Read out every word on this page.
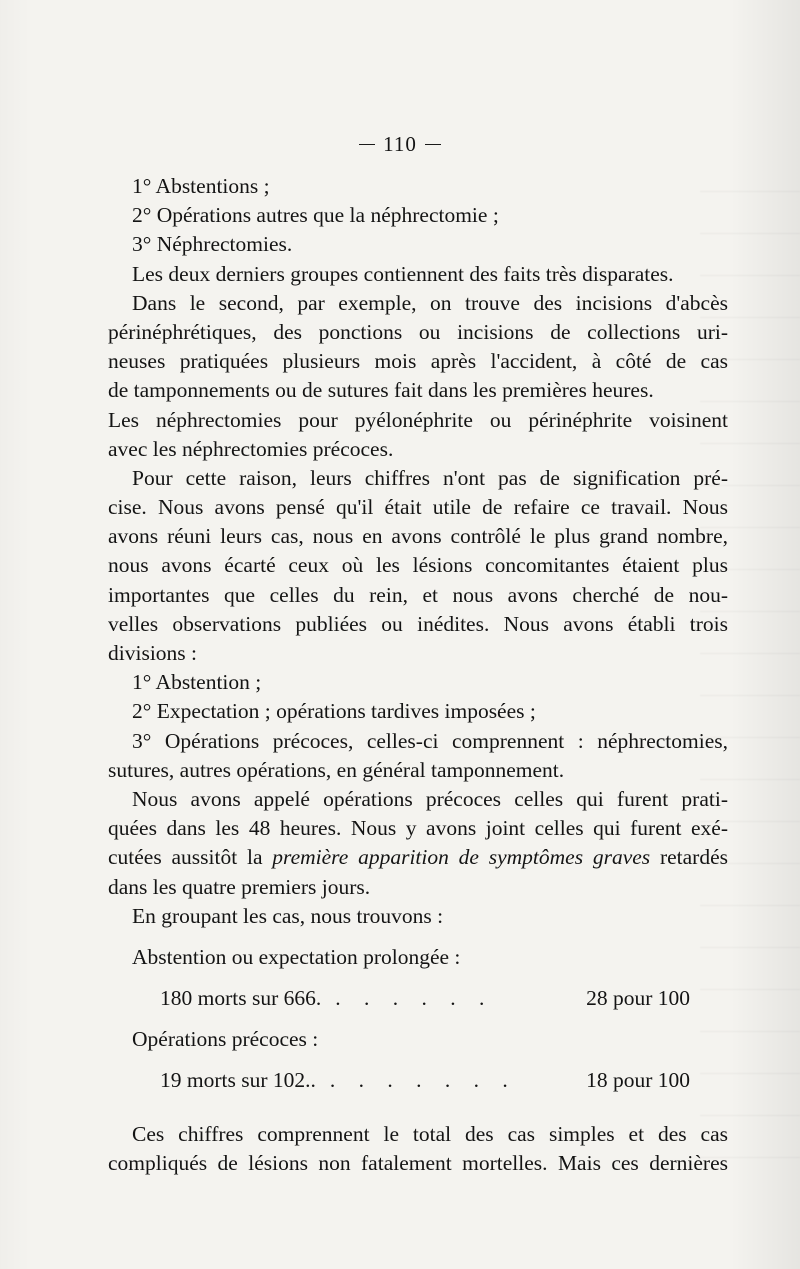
110
1° Abstentions ;
2° Opérations autres que la néphrectomie ;
3° Néphrectomies.
Les deux derniers groupes contiennent des faits très disparates.
Dans le second, par exemple, on trouve des incisions d'abcès
périnéphrétiques, des ponctions ou incisions de collections uri-
neuses pratiquées plusieurs mois après l'accident, à côté de cas
de tamponnements ou de sutures fait dans les premières heures.
Les néphrectomies pour pyélonéphrite ou périnéphrite voisinent
avec les néphrectomies précoces.
Pour cette raison, leurs chiffres n'ont pas de signification pré-
cise. Nous avons pensé qu'il était utile de refaire ce travail. Nous
avons réuni leurs cas, nous en avons contrôlé le plus grand nombre,
nous avons écarté ceux où les lésions concomitantes étaient plus
importantes que celles du rein, et nous avons cherché de nou-
velles observations publiées ou inédites. Nous avons établi trois
divisions :
1° Abstention ;
2° Expectation ; opérations tardives imposées ;
3° Opérations précoces, celles-ci comprennent : néphrectomies,
sutures, autres opérations, en général tamponnement.
Nous avons appelé opérations précoces celles qui furent prati-
quées dans les 48 heures. Nous y avons joint celles qui furent exé-
cutées aussitôt la première apparition de symptômes graves retardés
dans les quatre premiers jours.
En groupant les cas, nous trouvons :
Abstention ou expectation prolongée :
180 morts sur 666. . . . . . .	28 pour 100
Opérations précoces :
19 morts sur 102.. . . . . . . .	18 pour 100
Ces chiffres comprennent le total des cas simples et des cas
compliqués de lésions non fatalement mortelles. Mais ces dernières
